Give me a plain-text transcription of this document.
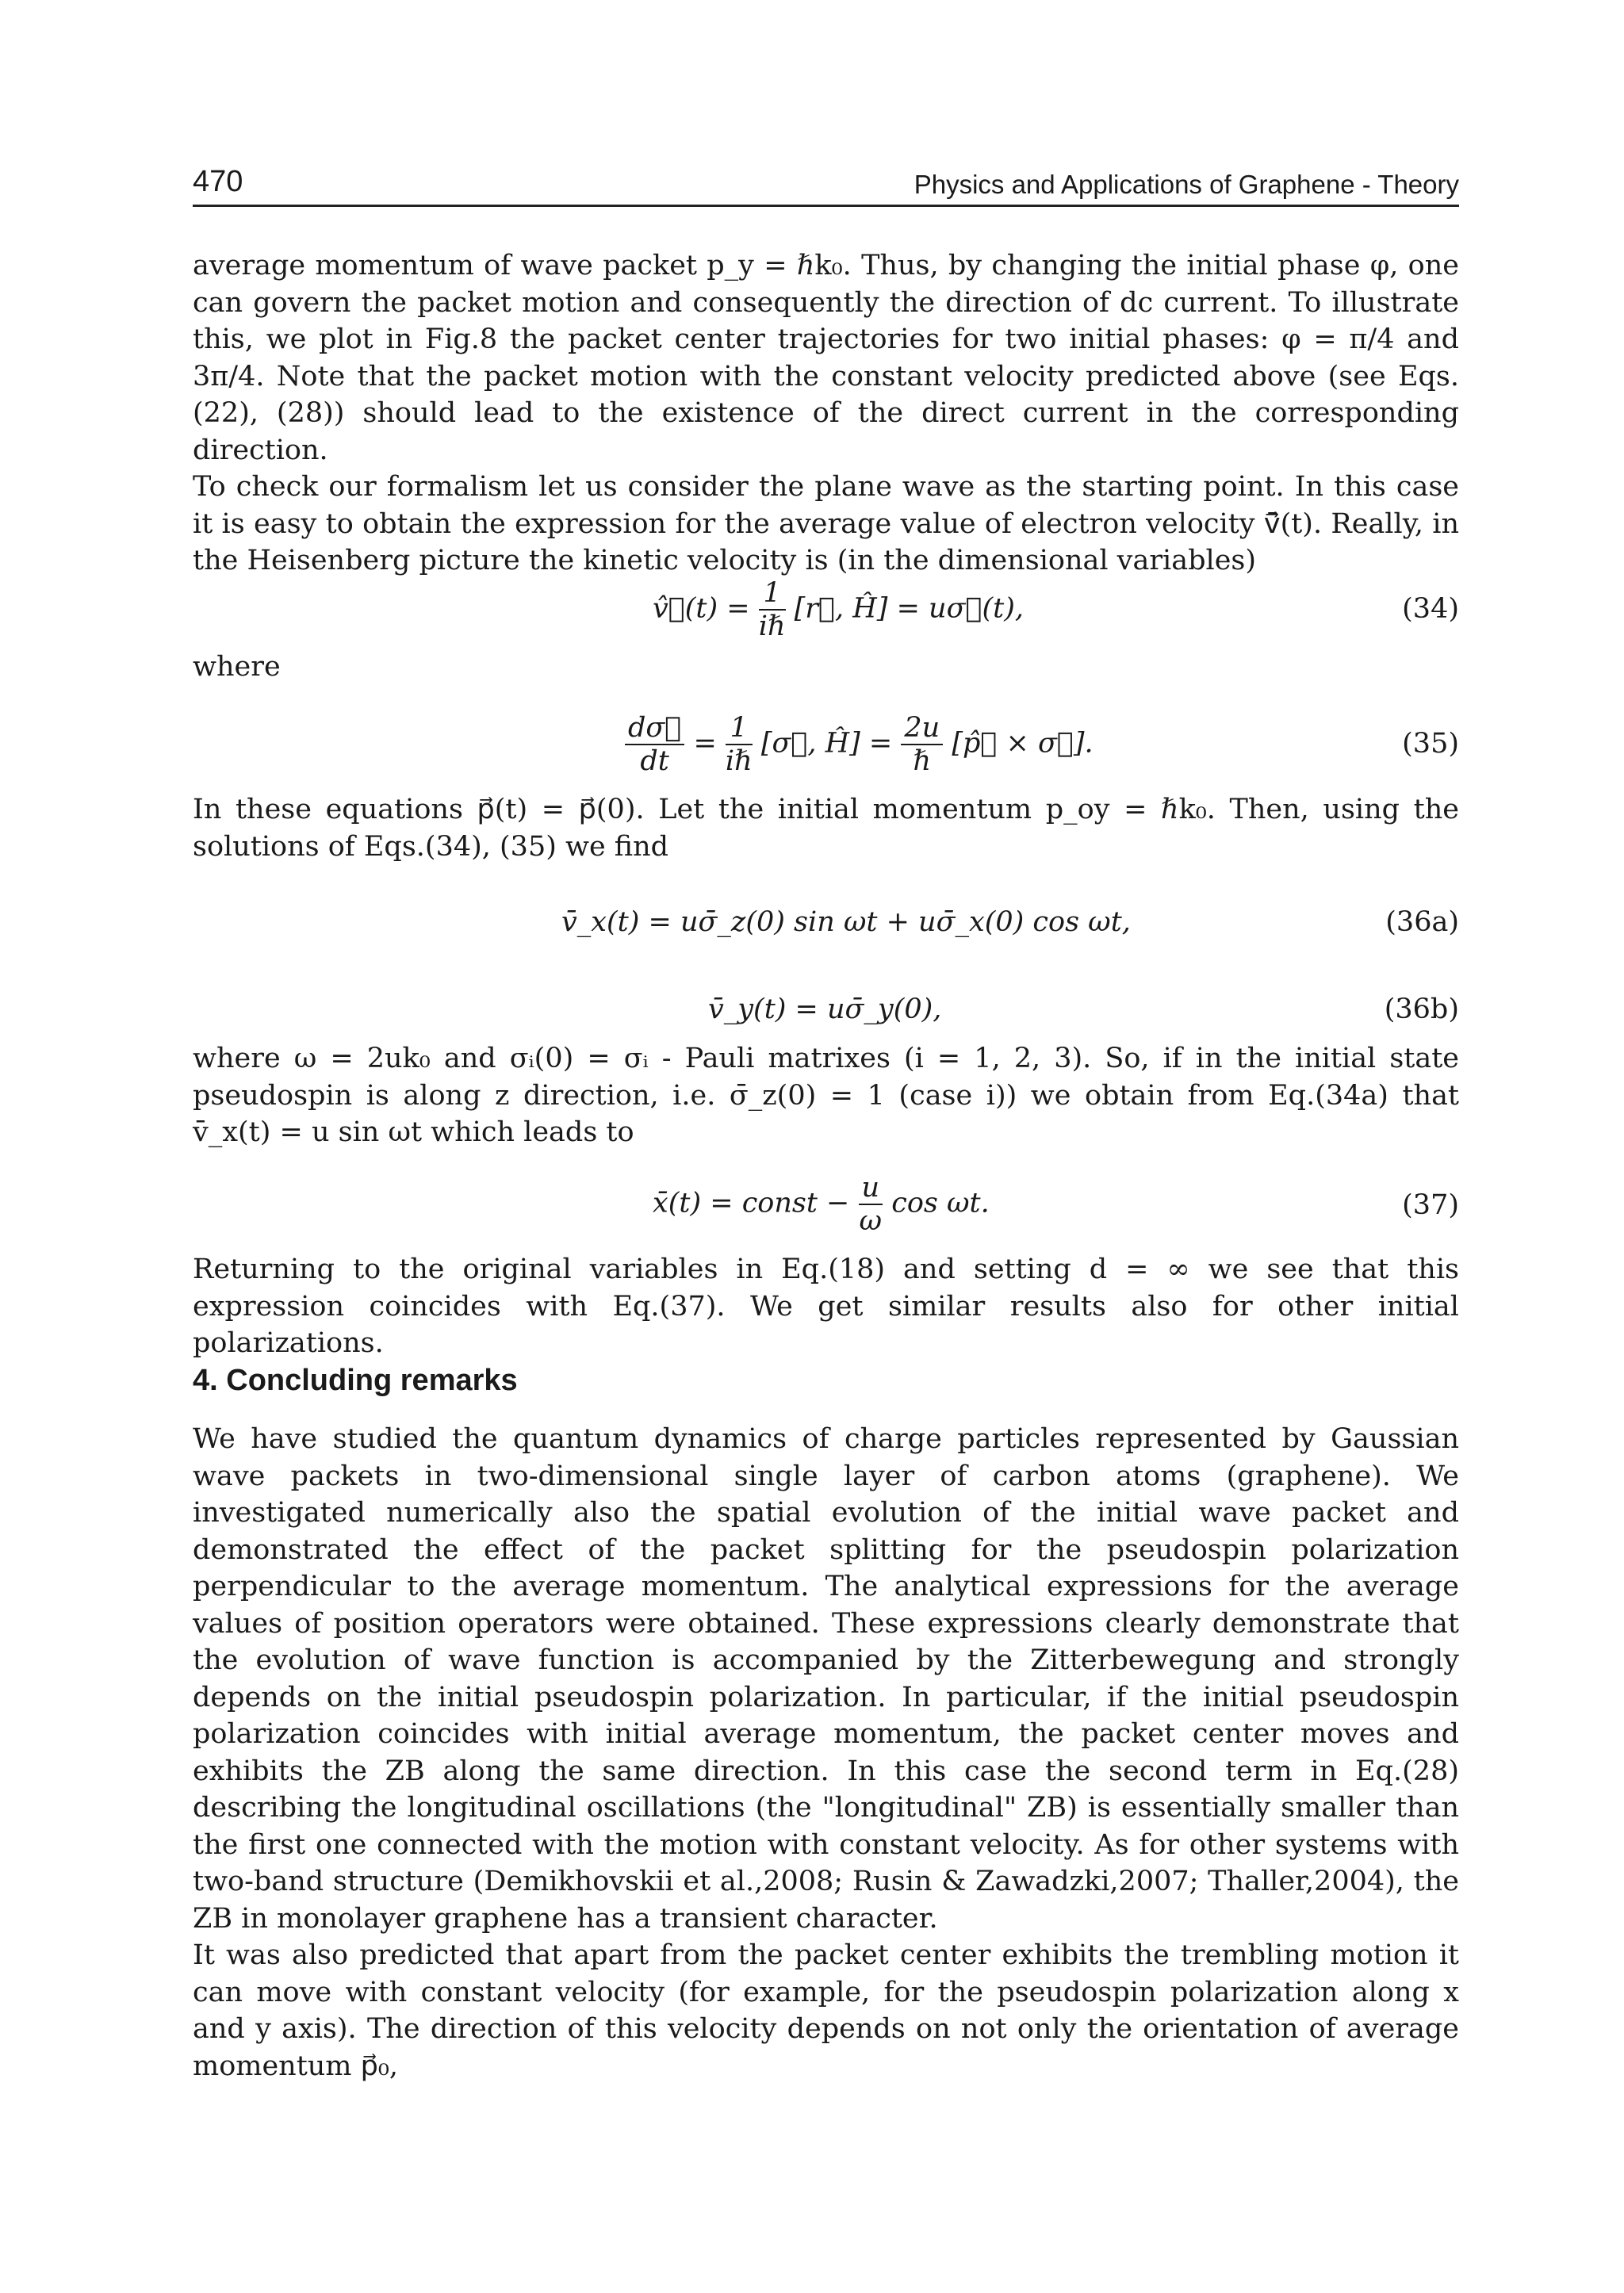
470	Physics and Applications of Graphene - Theory

average momentum of wave packet p_y = ℏk₀. Thus, by changing the initial phase φ, one can govern the packet motion and consequently the direction of dc current. To illustrate this, we plot in Fig.8 the packet center trajectories for two initial phases: φ = π/4 and 3π/4. Note that the packet motion with the constant velocity predicted above (see Eqs.(22), (28)) should lead to the existence of the direct current in the corresponding direction.

To check our formalism let us consider the plane wave as the starting point. In this case it is easy to obtain the expression for the average value of electron velocity v̄⃗(t). Really, in the Heisenberg picture the kinetic velocity is (in the dimensional variables)

v̂⃗(t) = $\frac{1}{\text{iℏ}}$ [r⃗, Ĥ] = uσ⃗(t),	(34)

where

$\frac{d\sigma⃗}{dt} = \frac{1}{\text{iℏ}}$ [σ⃗, Ĥ] = $\frac{2u}{\text{ℏ}}$ [p̂⃗ × σ⃗].	(35)

In these equations p⃗(t) = p⃗(0). Let the initial momentum p_oy = ℏk₀. Then, using the solutions of Eqs.(34), (35) we find

v̄_x(t) = uσ̄_z(0) sin ωt + uσ̄_x(0) cos ωt,	(36a)
v̄_y(t) = uσ̄_y(0),	(36b)

where ω = 2uk₀ and σᵢ(0) = σᵢ - Pauli matrixes (i = 1, 2, 3). So, if in the initial state pseudospin is along z direction, i.e. σ̄_z(0) = 1 (case i)) we obtain from Eq.(34a) that v̄_x(t) = u sin ωt which leads to

x̄(t) = const − $\frac{u}{\omega}$ cos ωt.	(37)

Returning to the original variables in Eq.(18) and setting d = ∞ we see that this expression coincides with Eq.(37). We get similar results also for other initial polarizations.

4. Concluding remarks

We have studied the quantum dynamics of charge particles represented by Gaussian wave packets in two-dimensional single layer of carbon atoms (graphene). We investigated numerically also the spatial evolution of the initial wave packet and demonstrated the effect of the packet splitting for the pseudospin polarization perpendicular to the average momentum. The analytical expressions for the average values of position operators were obtained. These expressions clearly demonstrate that the evolution of wave function is accompanied by the Zitterbewegung and strongly depends on the initial pseudospin polarization. In particular, if the initial pseudospin polarization coincides with initial average momentum, the packet center moves and exhibits the ZB along the same direction. In this case the second term in Eq.(28) describing the longitudinal oscillations (the "longitudinal" ZB) is essentially smaller than the first one connected with the motion with constant velocity. As for other systems with two-band structure (Demikhovskii et al.,2008; Rusin & Zawadzki,2007; Thaller,2004), the ZB in monolayer graphene has a transient character.

It was also predicted that apart from the packet center exhibits the trembling motion it can move with constant velocity (for example, for the pseudospin polarization along x and y axis). The direction of this velocity depends on not only the orientation of average momentum p⃗₀,
